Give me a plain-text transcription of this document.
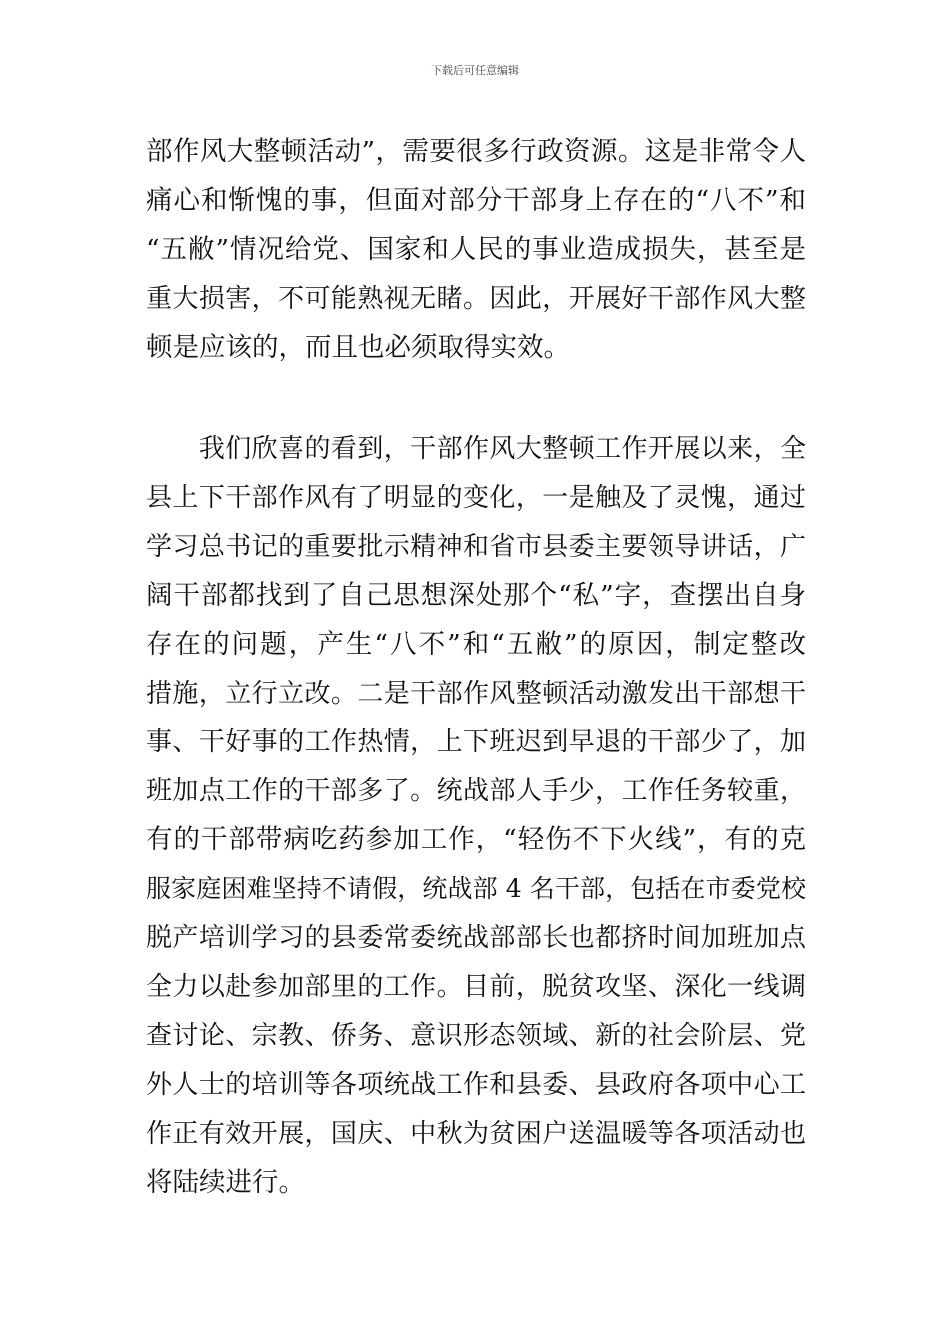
下载后可任意编辑
部作风大整顿活动”，需要很多行政资源。这是非常令人
痛心和惭愧的事，但面对部分干部身上存在的“八不”和
“五敝”情况给党、国家和人民的事业造成损失，甚至是
重大损害，不可能熟视无睹。因此，开展好干部作风大整
顿是应该的，而且也必须取得实效。
　　我们欣喜的看到，干部作风大整顿工作开展以来，全
县上下干部作风有了明显的变化，一是触及了灵愧，通过
学习总书记的重要批示精神和省市县委主要领导讲话，广
阔干部都找到了自己思想深处那个“私”字，查摆出自身
存在的问题，产生“八不”和“五敝”的原因，制定整改
措施，立行立改。二是干部作风整顿活动激发出干部想干
事、干好事的工作热情，上下班迟到早退的干部少了，加
班加点工作的干部多了。统战部人手少，工作任务较重，
有的干部带病吃药参加工作，“轻伤不下火线”，有的克
服家庭困难坚持不请假，统战部 4 名干部，包括在市委党校
脱产培训学习的县委常委统战部部长也都挤时间加班加点
全力以赴参加部里的工作。目前，脱贫攻坚、深化一线调
查讨论、宗教、侨务、意识形态领域、新的社会阶层、党
外人士的培训等各项统战工作和县委、县政府各项中心工
作正有效开展，国庆、中秋为贫困户送温暖等各项活动也
将陆续进行。
